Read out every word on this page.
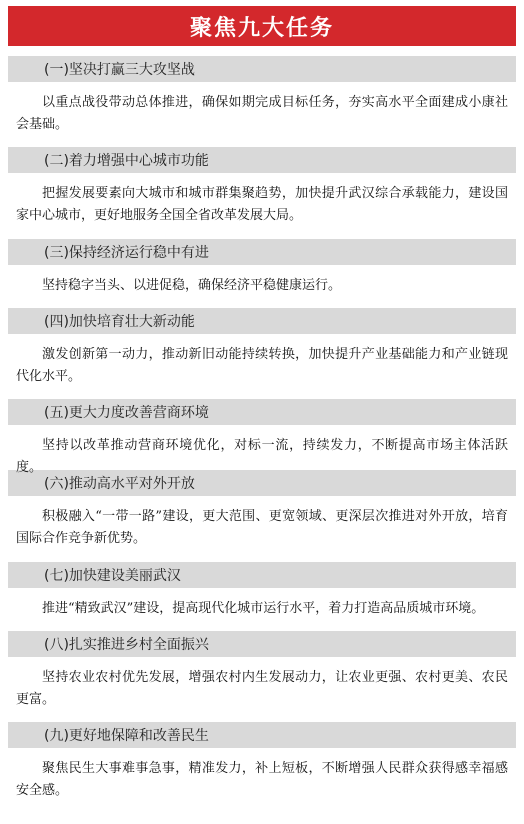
聚焦九大任务
(一)坚决打赢三大攻坚战
以重点战役带动总体推进，确保如期完成目标任务，夯实高水平全面建成小康社会基础。
(二)着力增强中心城市功能
把握发展要素向大城市和城市群集聚趋势，加快提升武汉综合承载能力，建设国家中心城市，更好地服务全国全省改革发展大局。
(三)保持经济运行稳中有进
坚持稳字当头、以进促稳，确保经济平稳健康运行。
(四)加快培育壮大新动能
激发创新第一动力，推动新旧动能持续转换，加快提升产业基础能力和产业链现代化水平。
(五)更大力度改善营商环境
坚持以改革推动营商环境优化，对标一流，持续发力，不断提高市场主体活跃度。
(六)推动高水平对外开放
积极融入“一带一路”建设，更大范围、更宽领域、更深层次推进对外开放，培育国际合作竞争新优势。
(七)加快建设美丽武汉
推进“精致武汉”建设，提高现代化城市运行水平，着力打造高品质城市环境。
(八)扎实推进乡村全面振兴
坚持农业农村优先发展，增强农村内生发展动力，让农业更强、农村更美、农民更富。
(九)更好地保障和改善民生
聚焦民生大事难事急事，精准发力，补上短板，不断增强人民群众获得感幸福感安全感。
